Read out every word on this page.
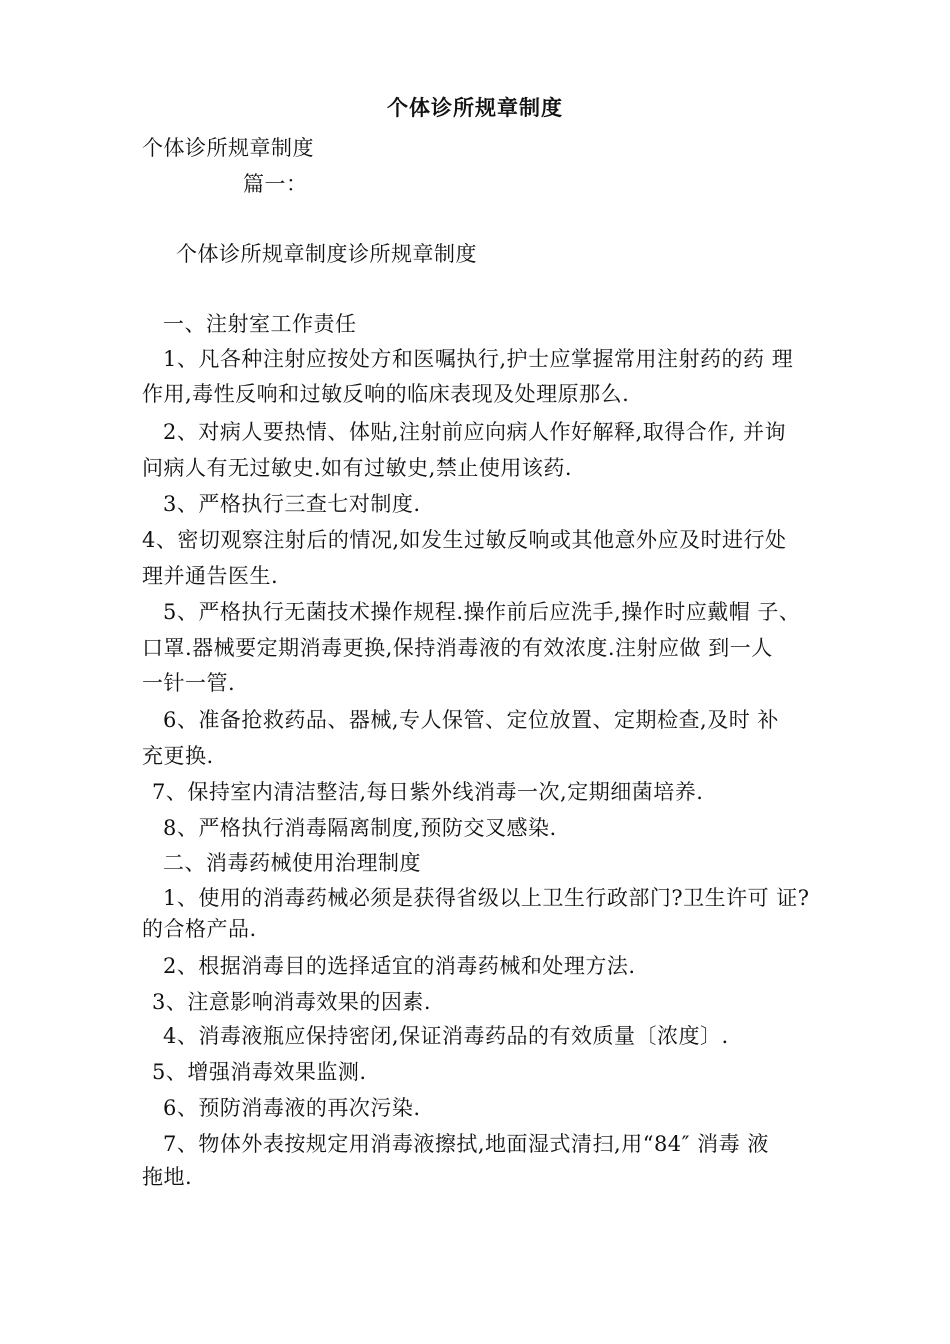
个体诊所规章制度
个体诊所规章制度
篇一：
个体诊所规章制度诊所规章制度
一、注射室工作责任
1、凡各种注射应按处方和医嘱执行,护士应掌握常用注射药的药 理
作用,毒性反响和过敏反响的临床表现及处理原那么.
2、对病人要热情、体贴,注射前应向病人作好解释,取得合作, 并询
问病人有无过敏史.如有过敏史,禁止使用该药.
3、严格执行三查七对制度.
4、密切观察注射后的情况,如发生过敏反响或其他意外应及时进行处
理并通告医生.
5、严格执行无菌技术操作规程.操作前后应洗手,操作时应戴帽 子、
口罩.器械要定期消毒更换,保持消毒液的有效浓度.注射应做 到一人
一针一管.
6、准备抢救药品、器械,专人保管、定位放置、定期检查,及时 补
充更换.
7、保持室内清洁整洁,每日紫外线消毒一次,定期细菌培养.
8、严格执行消毒隔离制度,预防交叉感染.
二、消毒药械使用治理制度
1、使用的消毒药械必须是获得省级以上卫生行政部门?卫生许可 证?
的合格产品.
2、根据消毒目的选择适宜的消毒药械和处理方法.
3、注意影响消毒效果的因素.
4、消毒液瓶应保持密闭,保证消毒药品的有效质量〔浓度〕.
5、增强消毒效果监测.
6、预防消毒液的再次污染.
7、物体外表按规定用消毒液擦拭,地面湿式清扫,用“84″ 消毒 液
拖地.
